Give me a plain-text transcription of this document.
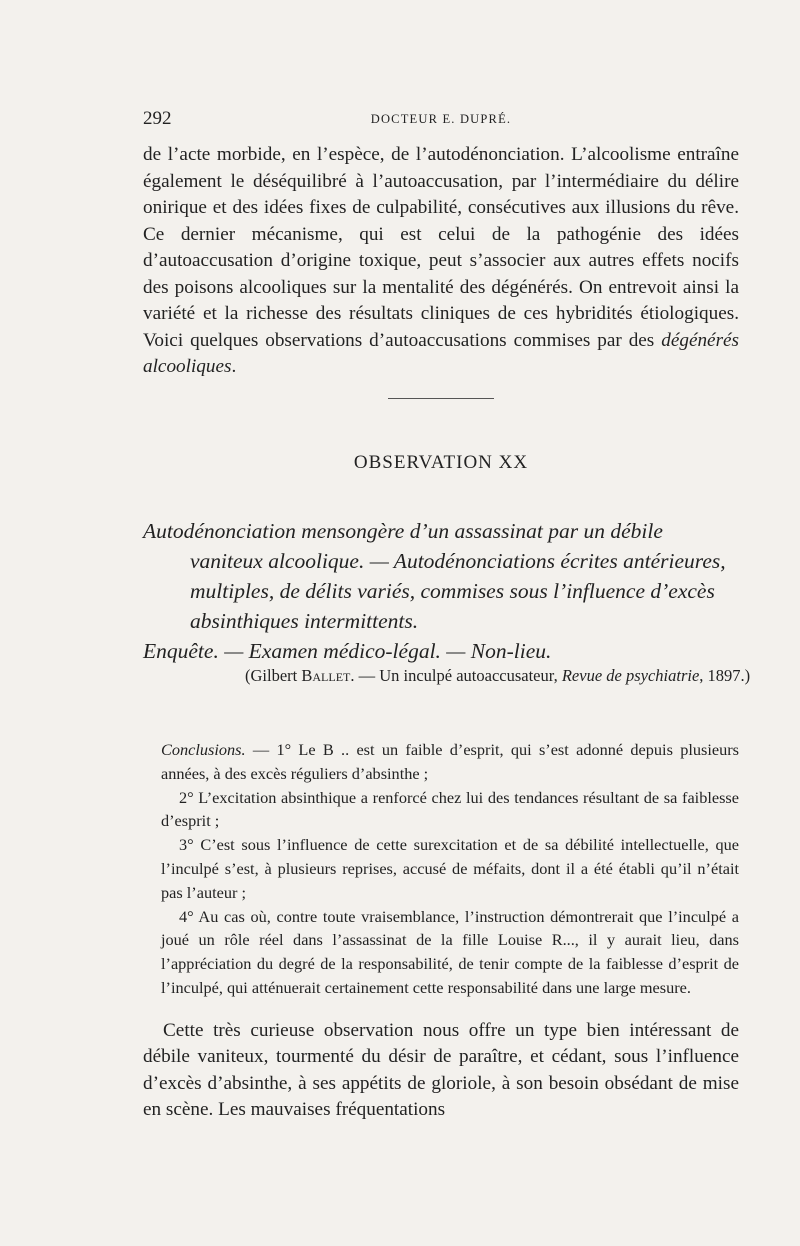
292	DOCTEUR E. DUPRÉ.
de l’acte morbide, en l’espèce, de l’autodénonciation. L’alcoolisme entraîne également le déséquilibré à l’autoaccusation, par l’intermédiaire du délire onirique et des idées fixes de culpabilité, consécutives aux illusions du rêve. Ce dernier mécanisme, qui est celui de la pathogénie des idées d’autoaccusation d’origine toxique, peut s’associer aux autres effets nocifs des poisons alcooliques sur la mentalité des dégénérés. On entrevoit ainsi la variété et la richesse des résultats cliniques de ces hybridités étiologiques. Voici quelques observations d’autoaccusations commises par des dégénérés alcooliques.
OBSERVATION XX

Autodénonciation mensongère d’un assassinat par un débile vaniteux alcoolique. — Autodénonciations écrites antérieures, multiples, de délits variés, commises sous l’influence d’excès absinthiques intermittents.

Enquête. — Examen médico-légal. — Non-lieu.

(Gilbert Ballet. — Un inculpé autoaccusateur, Revue de psychiatrie, 1897.)

Conclusions. — 1° Le B .. est un faible d’esprit, qui s’est adonné depuis plusieurs années, à des excès réguliers d’absinthe ;

2° L’excitation absinthique a renforcé chez lui des tendances résultant de sa faiblesse d’esprit ;

3° C’est sous l’influence de cette surexcitation et de sa débilité intellectuelle, que l’inculpé s’est, à plusieurs reprises, accusé de méfaits, dont il a été établi qu’il n’était pas l’auteur ;

4° Au cas où, contre toute vraisemblance, l’instruction démontrerait que l’inculpé a joué un rôle réel dans l’assassinat de la fille Louise R..., il y aurait lieu, dans l’appréciation du degré de la responsabilité, de tenir compte de la faiblesse d’esprit de l’inculpé, qui atténuerait certainement cette responsabilité dans une large mesure.

Cette très curieuse observation nous offre un type bien intéressant de débile vaniteux, tourmenté du désir de paraître, et cédant, sous l’influence d’excès d’absinthe, à ses appétits de gloriole, à son besoin obsédant de mise en scène. Les mauvaises fréquentations
